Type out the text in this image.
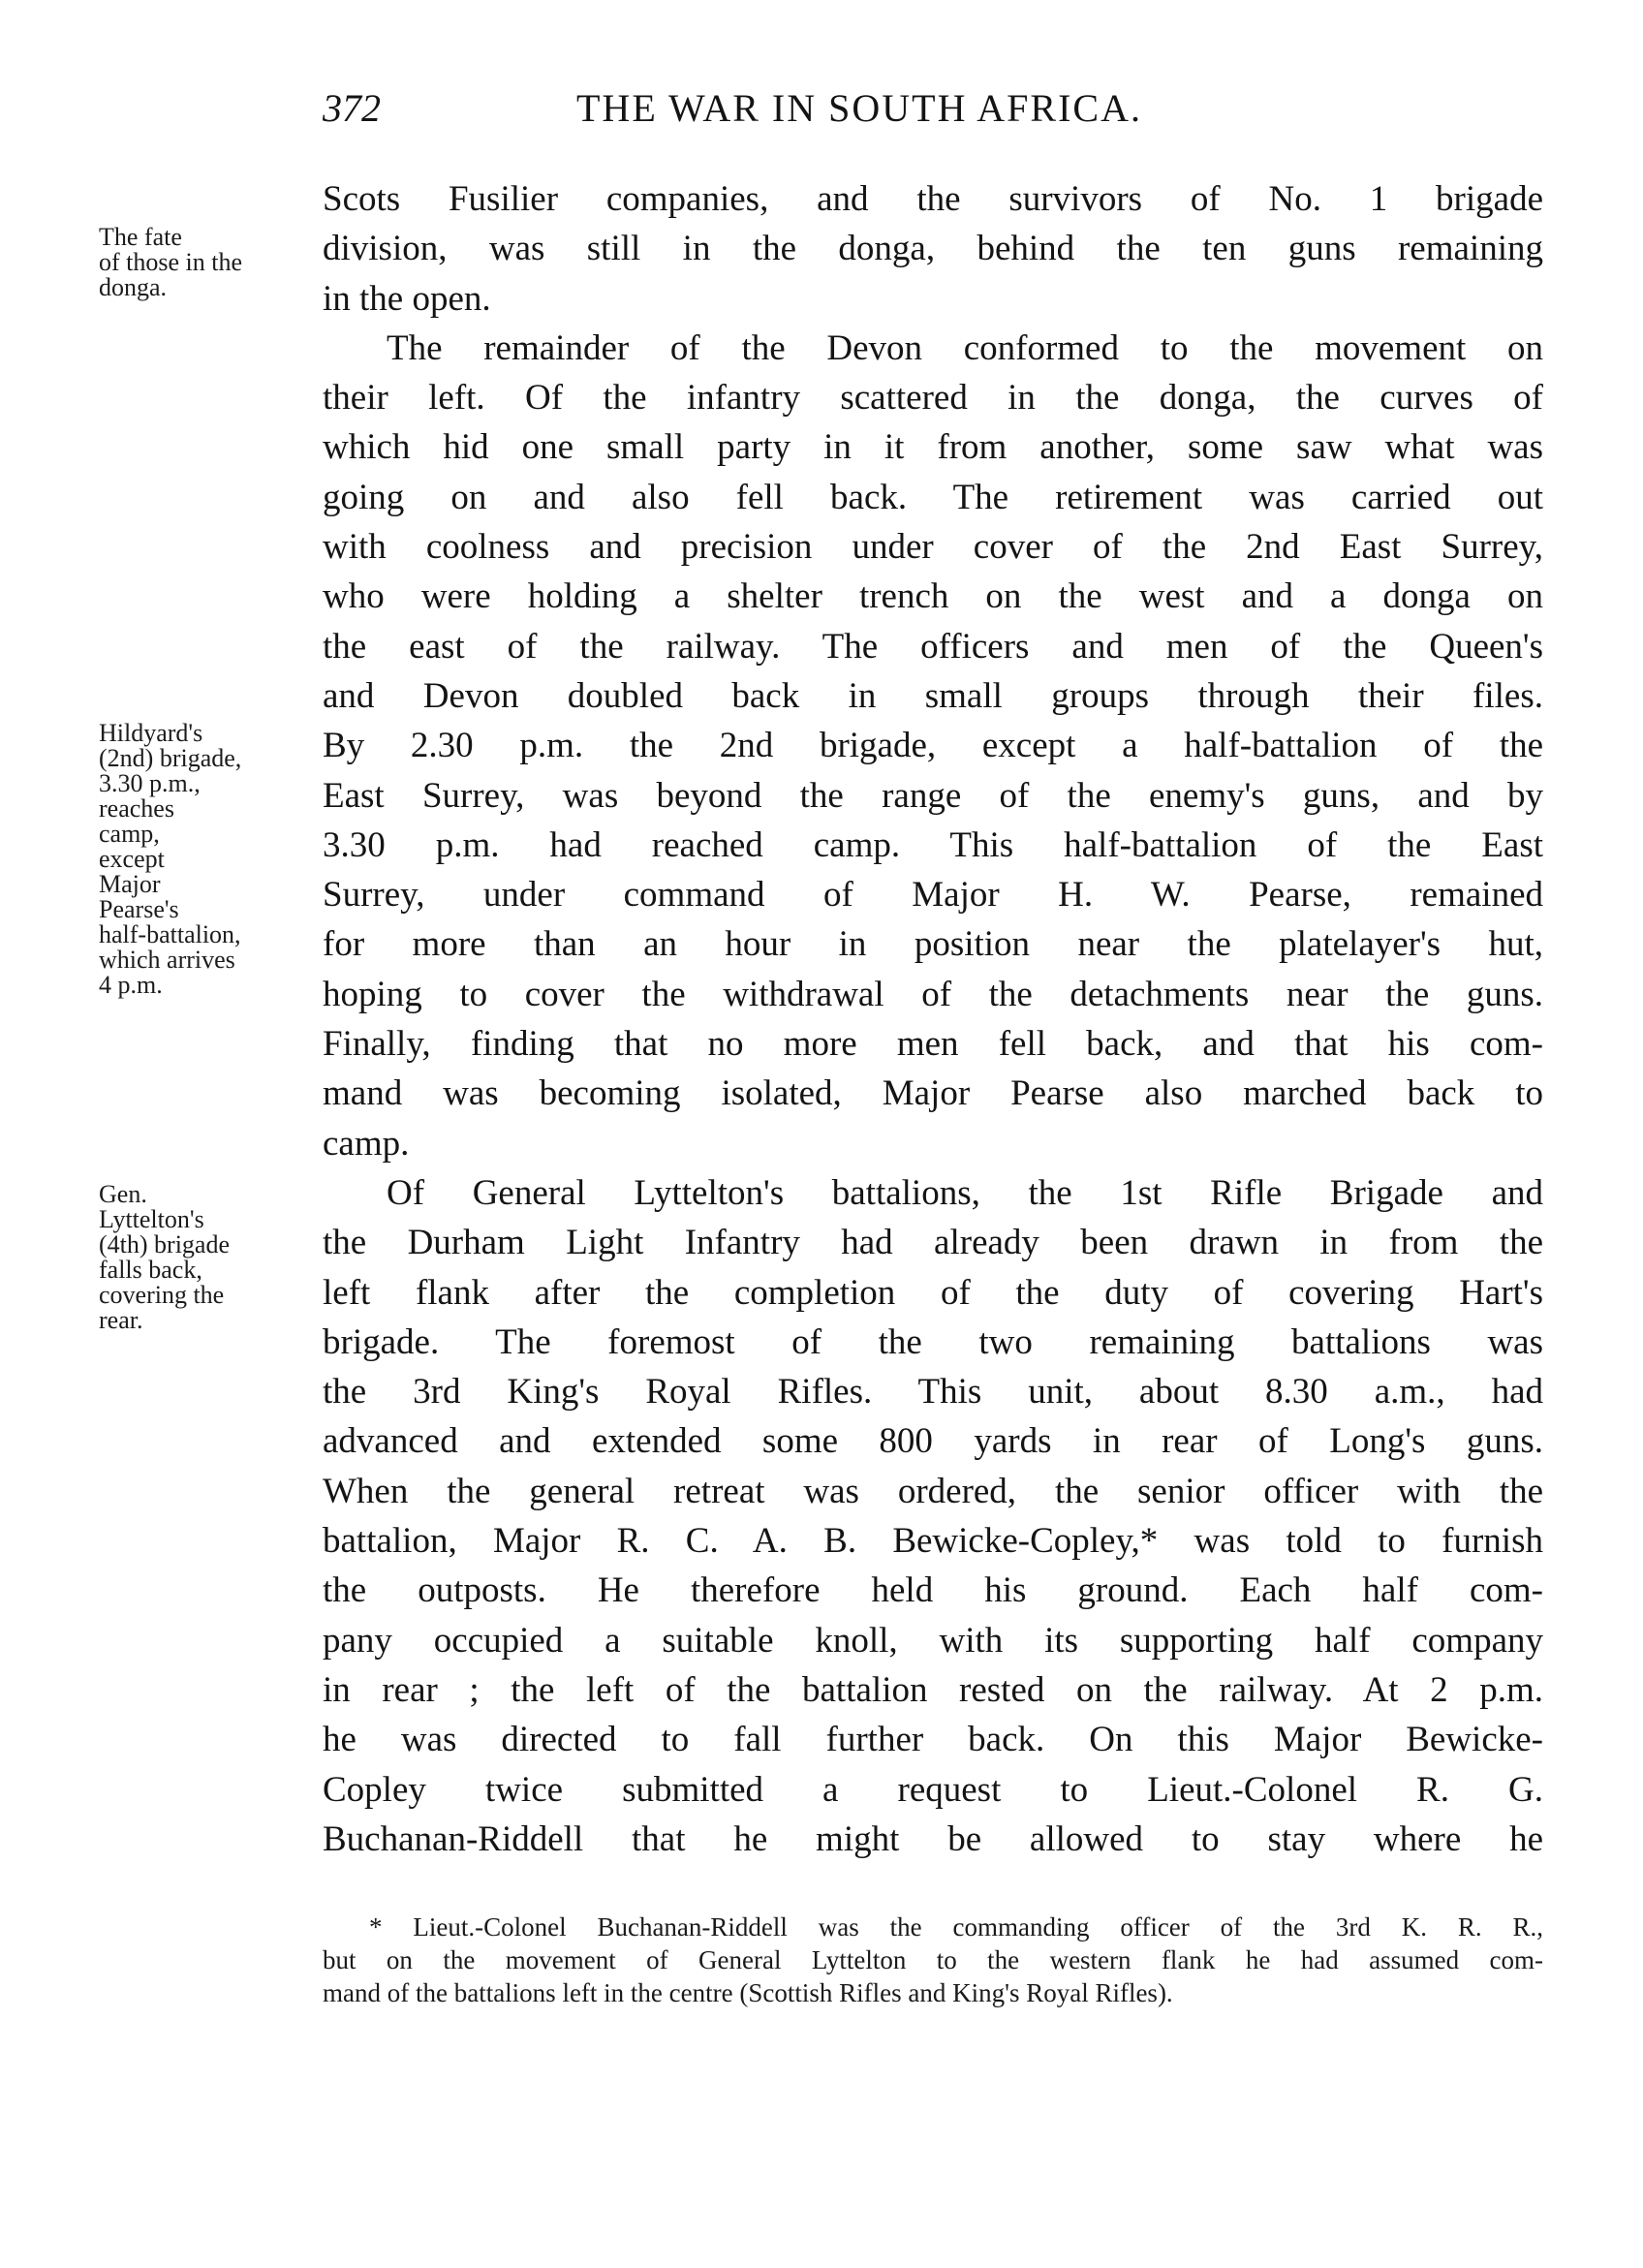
372	THE WAR IN SOUTH AFRICA.
The fate
of those in the
donga.
Hildyard's
(2nd) brigade,
3.30 p.m.,
reaches
camp,
except
Major
Pearse's
half-battalion,
which arrives
4 p.m.
Gen.
Lyttelton's
(4th) brigade
falls back,
covering the
rear.
Scots Fusilier companies, and the survivors of No. 1 brigade
division, was still in the donga, behind the ten guns remaining
in the open.
The remainder of the Devon conformed to the movement on
their left. Of the infantry scattered in the donga, the curves of
which hid one small party in it from another, some saw what was
going on and also fell back. The retirement was carried out
with coolness and precision under cover of the 2nd East Surrey,
who were holding a shelter trench on the west and a donga on
the east of the railway. The officers and men of the Queen's
and Devon doubled back in small groups through their files.
By 2.30 p.m. the 2nd brigade, except a half-battalion of the
East Surrey, was beyond the range of the enemy's guns, and by
3.30 p.m. had reached camp. This half-battalion of the East
Surrey, under command of Major H. W. Pearse, remained
for more than an hour in position near the platelayer's hut,
hoping to cover the withdrawal of the detachments near the guns.
Finally, finding that no more men fell back, and that his com-
mand was becoming isolated, Major Pearse also marched back to
camp.
Of General Lyttelton's battalions, the 1st Rifle Brigade and
the Durham Light Infantry had already been drawn in from the
left flank after the completion of the duty of covering Hart's
brigade. The foremost of the two remaining battalions was
the 3rd King's Royal Rifles. This unit, about 8.30 a.m., had
advanced and extended some 800 yards in rear of Long's guns.
When the general retreat was ordered, the senior officer with the
battalion, Major R. C. A. B. Bewicke-Copley,* was told to furnish
the outposts. He therefore held his ground. Each half com-
pany occupied a suitable knoll, with its supporting half company
in rear ; the left of the battalion rested on the railway. At 2 p.m.
he was directed to fall further back. On this Major Bewicke-
Copley twice submitted a request to Lieut.-Colonel R. G.
Buchanan-Riddell that he might be allowed to stay where he
* Lieut.-Colonel Buchanan-Riddell was the commanding officer of the 3rd K. R. R.,
but on the movement of General Lyttelton to the western flank he had assumed com-
mand of the battalions left in the centre (Scottish Rifles and King's Royal Rifles).
